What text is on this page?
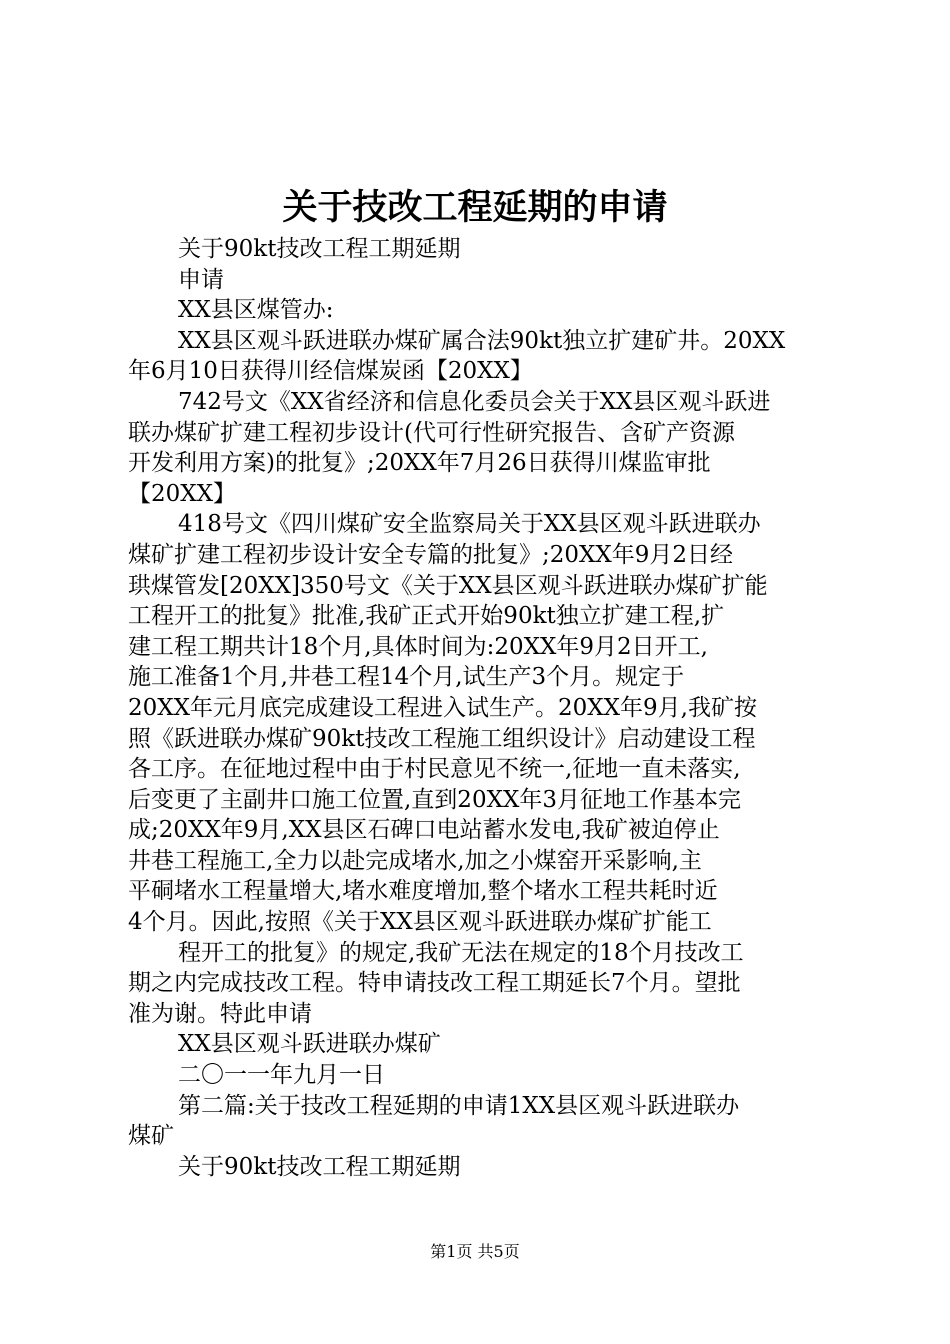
关于技改工程延期的申请
关于90kt技改工程工期延期
申请
XX县区煤管办:
XX县区观斗跃进联办煤矿属合法90kt独立扩建矿井。20XX
年6月10日获得川经信煤炭函【20XX】
742号文《XX省经济和信息化委员会关于XX县区观斗跃进
联办煤矿扩建工程初步设计(代可行性研究报告、含矿产资源
开发利用方案)的批复》;20XX年7月26日获得川煤监审批
【20XX】
418号文《四川煤矿安全监察局关于XX县区观斗跃进联办
煤矿扩建工程初步设计安全专篇的批复》;20XX年9月2日经
珙煤管发[20XX]350号文《关于XX县区观斗跃进联办煤矿扩能
工程开工的批复》批准,我矿正式开始90kt独立扩建工程,扩
建工程工期共计18个月,具体时间为:20XX年9月2日开工,
施工准备1个月,井巷工程14个月,试生产3个月。规定于
20XX年元月底完成建设工程进入试生产。20XX年9月,我矿按
照《跃进联办煤矿90kt技改工程施工组织设计》启动建设工程
各工序。在征地过程中由于村民意见不统一,征地一直未落实,
后变更了主副井口施工位置,直到20XX年3月征地工作基本完
成;20XX年9月,XX县区石碑口电站蓄水发电,我矿被迫停止
井巷工程施工,全力以赴完成堵水,加之小煤窑开采影响,主
平硐堵水工程量增大,堵水难度增加,整个堵水工程共耗时近
4个月。因此,按照《关于XX县区观斗跃进联办煤矿扩能工
程开工的批复》的规定,我矿无法在规定的18个月技改工
期之内完成技改工程。特申请技改工程工期延长7个月。望批
准为谢。特此申请
XX县区观斗跃进联办煤矿
二〇一一年九月一日
第二篇:关于技改工程延期的申请1XX县区观斗跃进联办
煤矿
关于90kt技改工程工期延期
第1页 共5页
